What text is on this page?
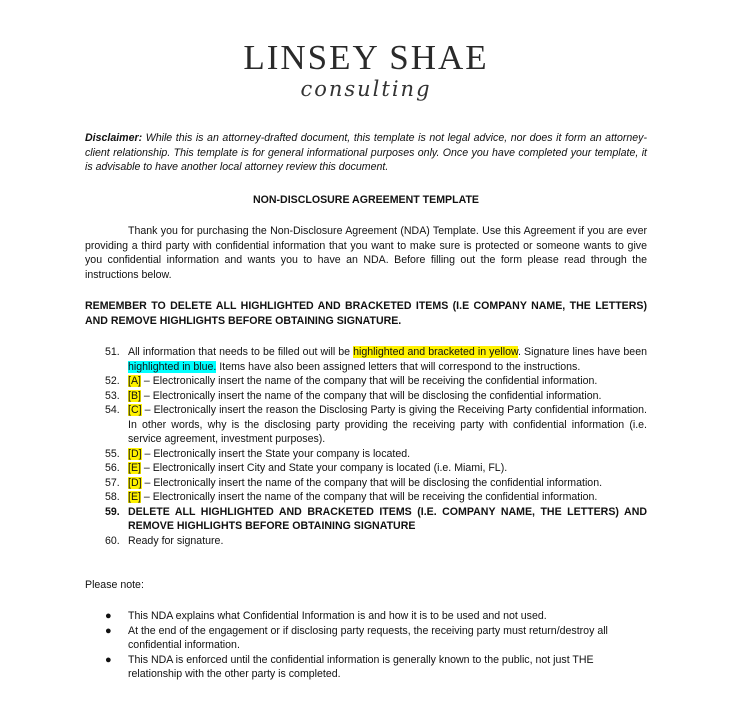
LINSEY SHAE
consulting
Disclaimer: While this is an attorney-drafted document, this template is not legal advice, nor does it form an attorney-client relationship. This template is for general informational purposes only. Once you have completed your template, it is advisable to have another local attorney review this document.
NON-DISCLOSURE AGREEMENT TEMPLATE
Thank you for purchasing the Non-Disclosure Agreement (NDA) Template. Use this Agreement if you are ever providing a third party with confidential information that you want to make sure is protected or someone wants to give you confidential information and wants you to have an NDA. Before filling out the form please read through the instructions below.
REMEMBER TO DELETE ALL HIGHLIGHTED AND BRACKETED ITEMS (I.E COMPANY NAME, THE LETTERS) AND REMOVE HIGHLIGHTS BEFORE OBTAINING SIGNATURE.
51. All information that needs to be filled out will be highlighted and bracketed in yellow. Signature lines have been highlighted in blue. Items have also been assigned letters that will correspond to the instructions.
52. [A] – Electronically insert the name of the company that will be receiving the confidential information.
53. [B] – Electronically insert the name of the company that will be disclosing the confidential information.
54. [C] – Electronically insert the reason the Disclosing Party is giving the Receiving Party confidential information. In other words, why is the disclosing party providing the receiving party with confidential information (i.e. service agreement, investment purposes).
55. [D] – Electronically insert the State your company is located.
56. [E] – Electronically insert City and State your company is located (i.e. Miami, FL).
57. [D] – Electronically insert the name of the company that will be disclosing the confidential information.
58. [E] – Electronically insert the name of the company that will be receiving the confidential information.
59. DELETE ALL HIGHLIGHTED AND BRACKETED ITEMS (I.E. COMPANY NAME, THE LETTERS) AND REMOVE HIGHLIGHTS BEFORE OBTAINING SIGNATURE
60. Ready for signature.
Please note:
● This NDA explains what Confidential Information is and how it is to be used and not used.
● At the end of the engagement or if disclosing party requests, the receiving party must return/destroy all confidential information.
● This NDA is enforced until the confidential information is generally known to the public, not just THE relationship with the other party is completed.
